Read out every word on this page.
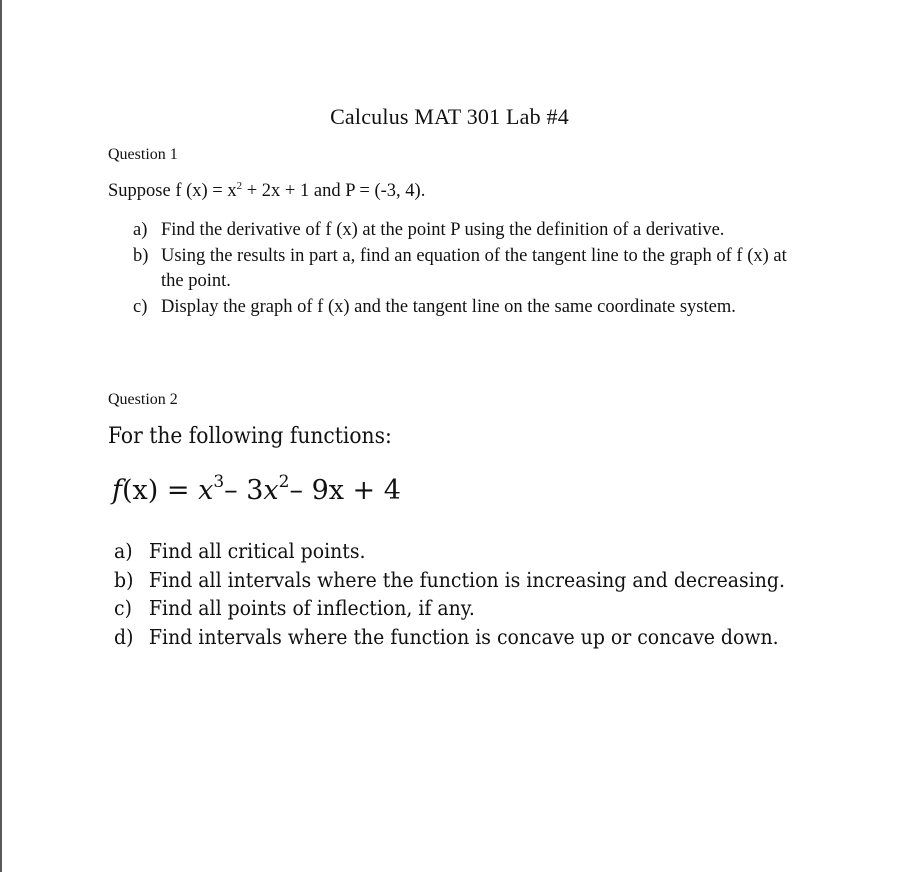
Calculus MAT 301 Lab #4
Question 1
Suppose f $(x) = x^2 + 2x + 1$ and P = (-3, 4).
a) Find the derivative of f (x) at the point P using the definition of a derivative.
b) Using the results in part a, find an equation of the tangent line to the graph of f (x) at the point.
c) Display the graph of f (x) and the tangent line on the same coordinate system.
Question 2
For the following functions:
$f(x) = x^3-$ $3x^2-$ 9x + 4
a) Find all critical points.
b) Find all intervals where the function is increasing and decreasing.
c) Find all points of inflection, if any.
d) Find intervals where the function is concave up or concave down.
